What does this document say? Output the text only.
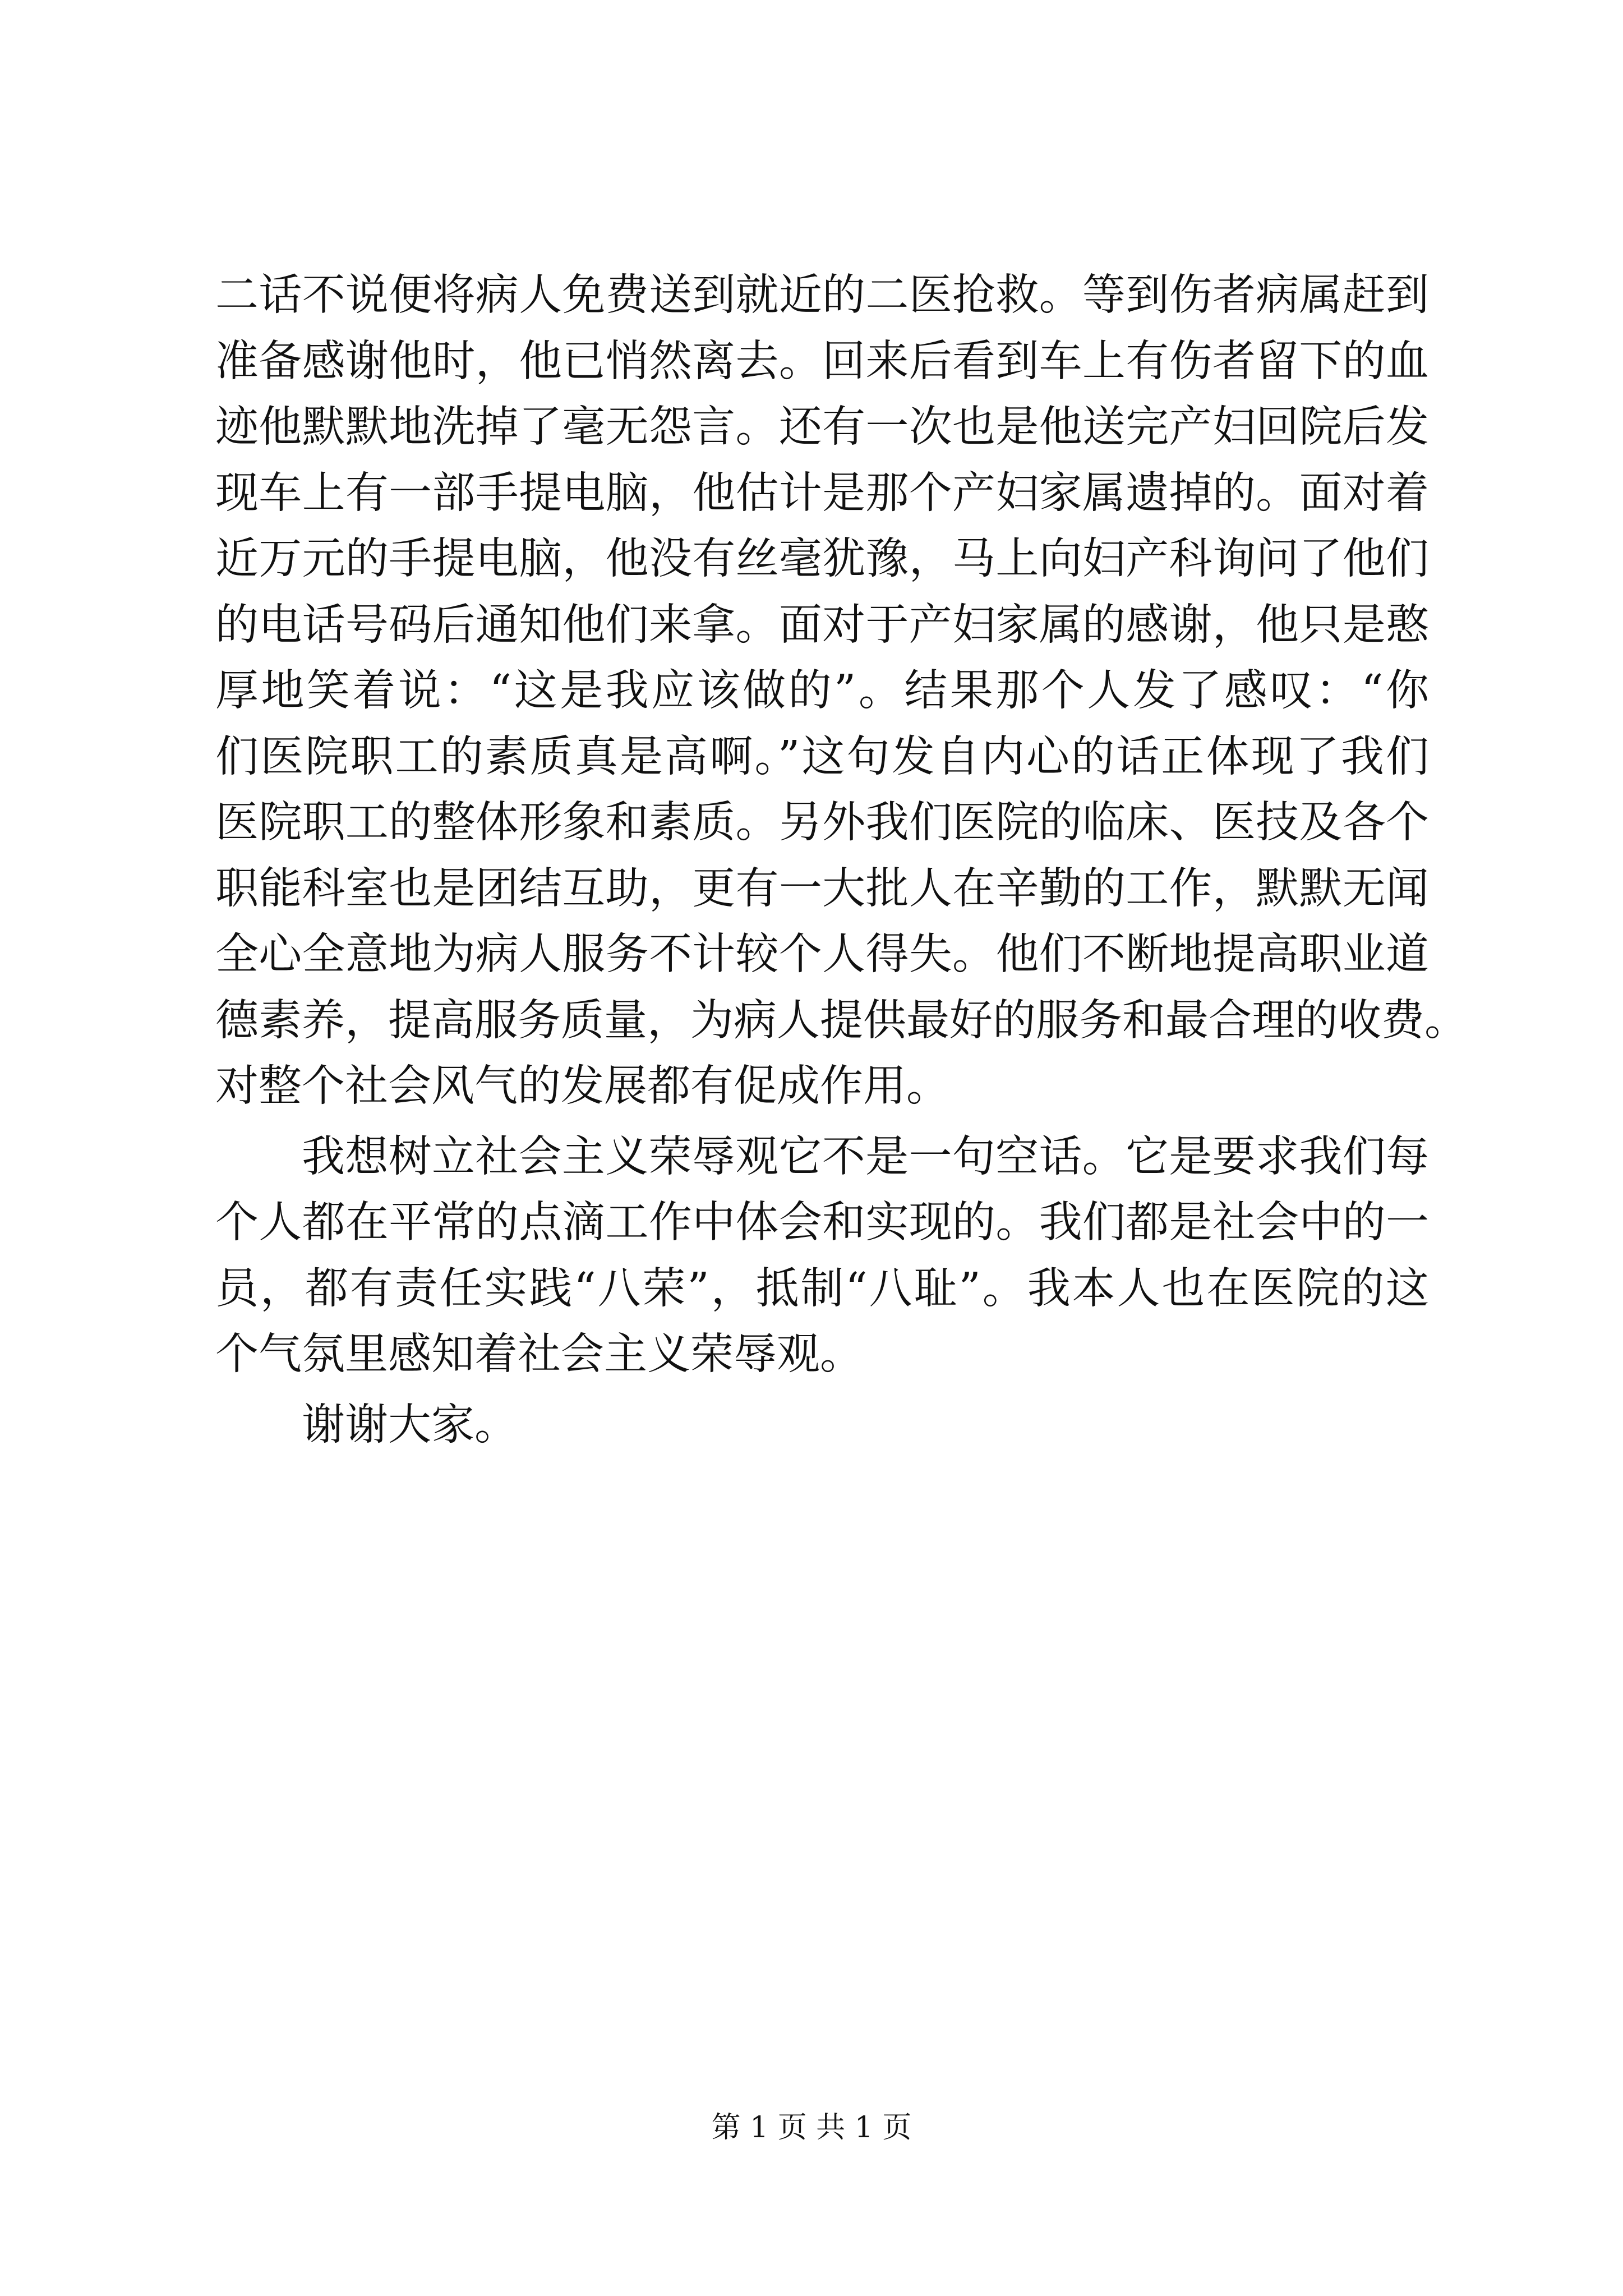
二话不说便将病人免费送到就近的二医抢救。等到伤者病属赶到
准备感谢他时，他已悄然离去。回来后看到车上有伤者留下的血
迹他默默地洗掉了毫无怨言。还有一次也是他送完产妇回院后发
现车上有一部手提电脑，他估计是那个产妇家属遗掉的。面对着
近万元的手提电脑，他没有丝毫犹豫，马上向妇产科询问了他们
的电话号码后通知他们来拿。面对于产妇家属的感谢，他只是憨
厚地笑着说：“这是我应该做的”。结果那个人发了感叹：“你
们医院职工的素质真是高啊。”这句发自内心的话正体现了我们
医院职工的整体形象和素质。另外我们医院的临床、医技及各个
职能科室也是团结互助，更有一大批人在辛勤的工作，默默无闻
全心全意地为病人服务不计较个人得失。他们不断地提高职业道
德素养，提高服务质量，为病人提供最好的服务和最合理的收费。
对整个社会风气的发展都有促成作用。
我想树立社会主义荣辱观它不是一句空话。它是要求我们每
个人都在平常的点滴工作中体会和实现的。我们都是社会中的一
员，都有责任实践“八荣”，抵制“八耻”。我本人也在医院的这
个气氛里感知着社会主义荣辱观。
谢谢大家。
第 1 页 共 1 页
